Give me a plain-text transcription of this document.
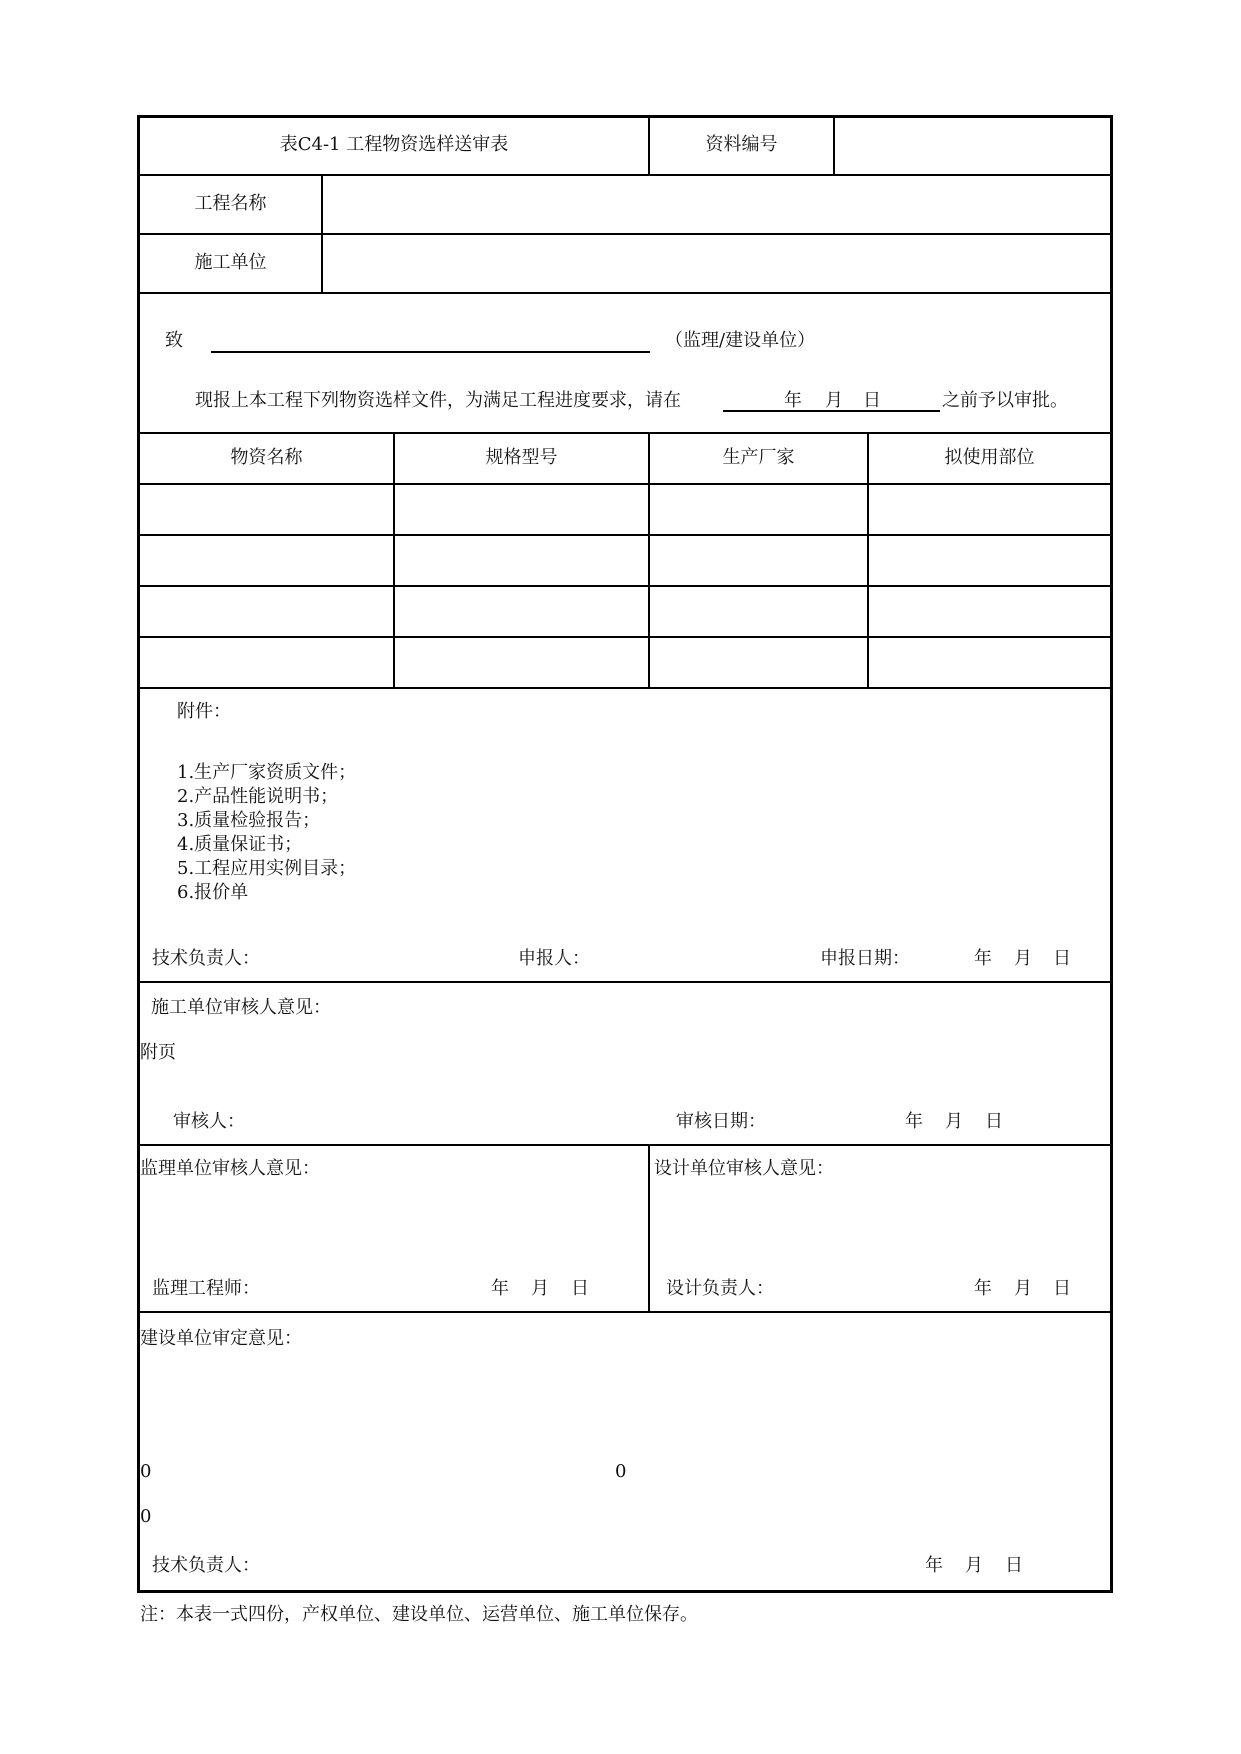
表C4-1 工程物资选样送审表	资料编号
工程名称
施工单位
致	（监理/建设单位）
现报上本工程下列物资选样文件，为满足工程进度要求，请在	年 月 日	之前予以审批。
物资名称	规格型号	生产厂家	拟使用部位
附件：
1.生产厂家资质文件；
2.产品性能说明书；
3.质量检验报告；
4.质量保证书；
5.工程应用实例目录；
6.报价单
技术负责人：	申报人：	申报日期：	年 月 日
施工单位审核人意见：
附页
审核人：	审核日期：	年 月 日
监理单位审核人意见：	设计单位审核人意见：
监理工程师：	年 月 日	设计负责人：	年 月 日
建设单位审定意见：
0	0
0
技术负责人：	年 月 日
注：本表一式四份，产权单位、建设单位、运营单位、施工单位保存。
